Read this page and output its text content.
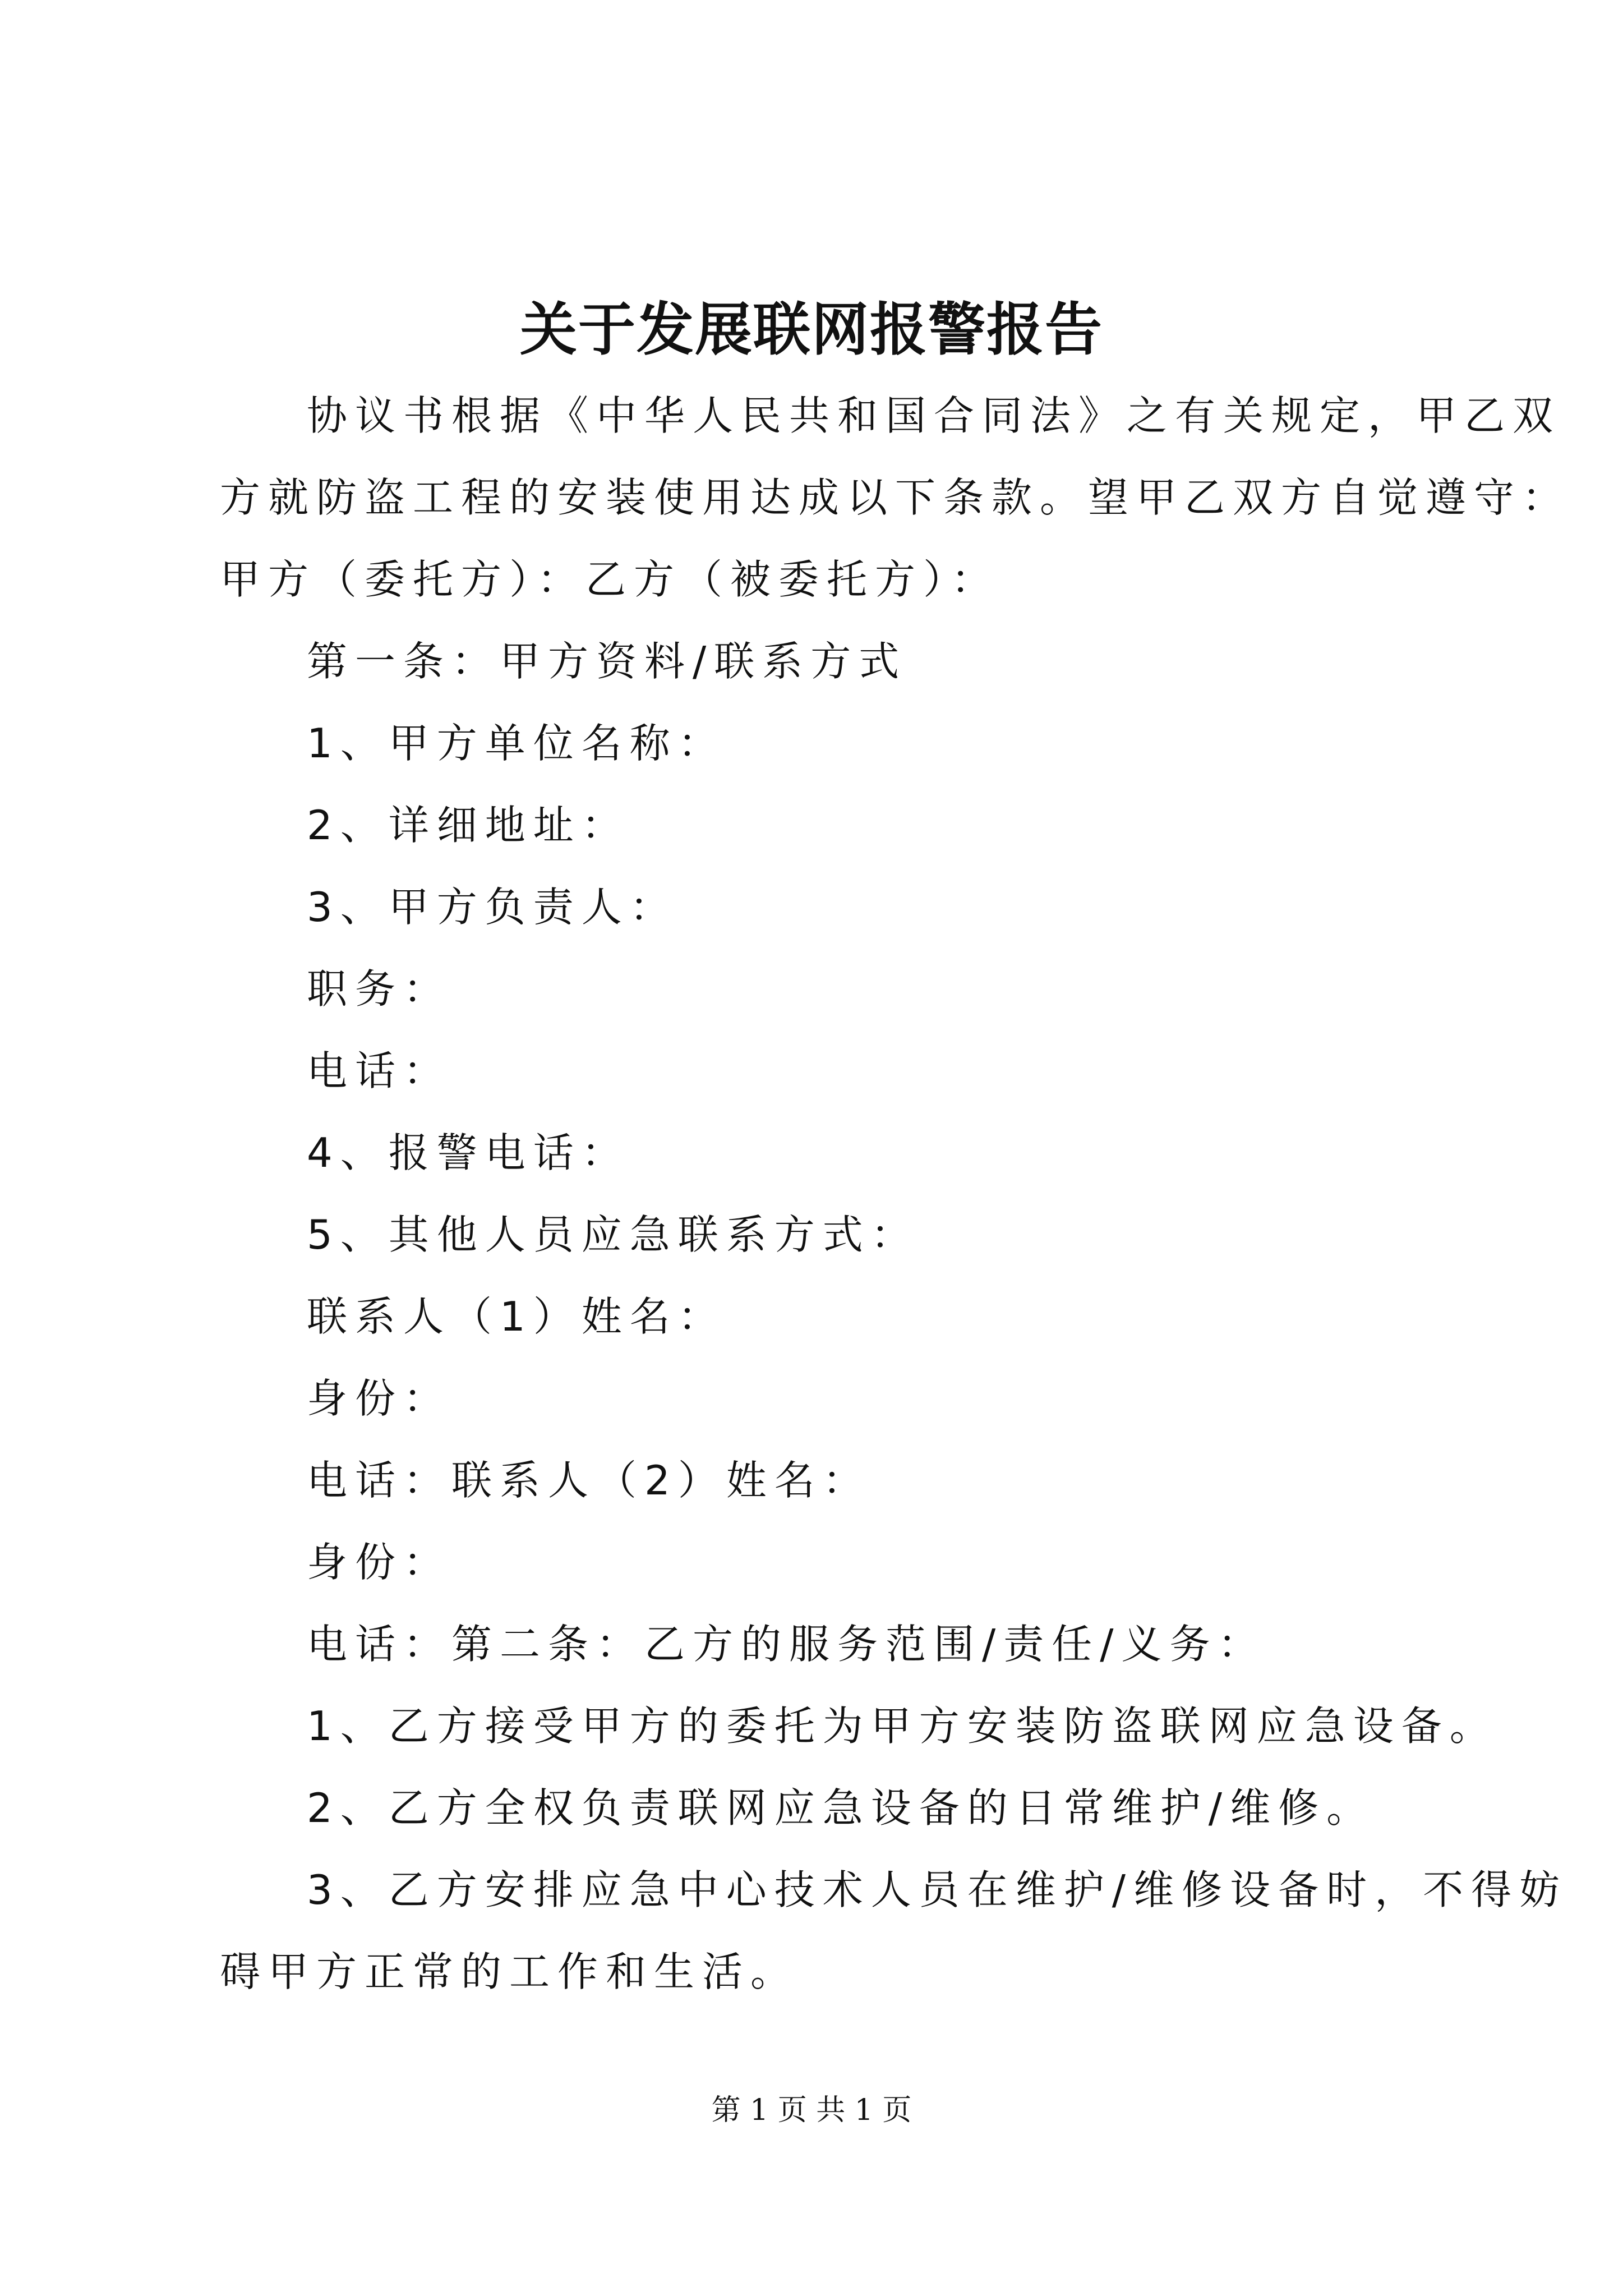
关于发展联网报警报告
协议书根据《中华人民共和国合同法》之有关规定，甲乙双
方就防盗工程的安装使用达成以下条款。望甲乙双方自觉遵守：
甲方（委托方）：乙方（被委托方）：
第一条：甲方资料/联系方式
1、甲方单位名称：
2、详细地址：
3、甲方负责人：
职务：
电话：
4、报警电话：
5、其他人员应急联系方式：
联系人（1）姓名：
身份：
电话：联系人（2）姓名：
身份：
电话：第二条：乙方的服务范围/责任/义务：
1、乙方接受甲方的委托为甲方安装防盗联网应急设备。
2、乙方全权负责联网应急设备的日常维护/维修。
3、乙方安排应急中心技术人员在维护/维修设备时，不得妨
碍甲方正常的工作和生活。
第 1 页 共 1 页
